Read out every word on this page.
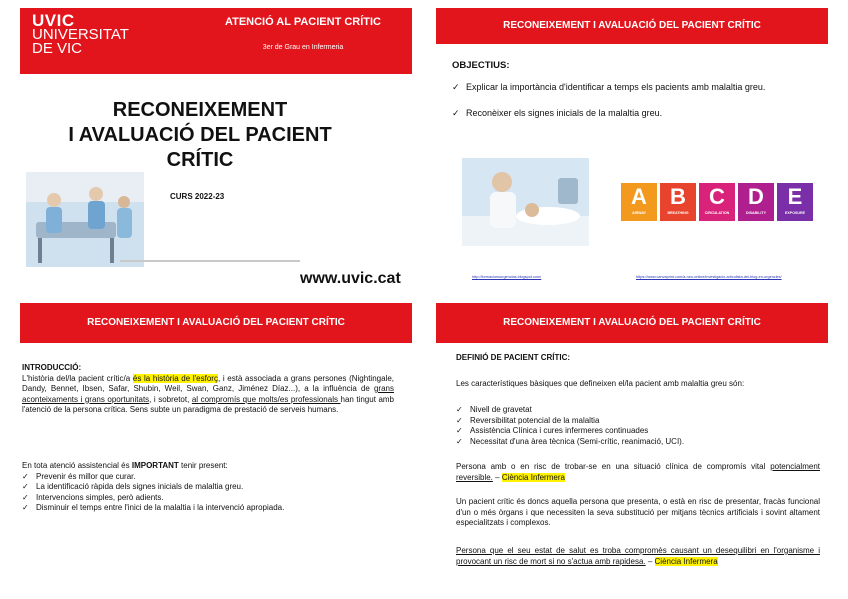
UVIC
UNIVERSITAT
DE VIC
ATENCIÓ AL PACIENT CRÍTIC
3er de Grau en Infermeria
RECONEIXEMENT
I AVALUACIÓ DEL PACIENT
CRÍTIC
CURS 2022-23
www.uvic.cat
RECONEIXEMENT I AVALUACIÓ DEL PACIENT CRÍTIC
OBJECTIUS:
✓ Explicar la importància d'identificar a temps els pacients amb malaltia greu.
✓ Reconèixer els signes inicials de la malaltia greu.
A
AIRWAY
B
BREATHING
C
CIRCULATION
D
DISABILITY
E
EXPOSURE
http://formacionsurgencias.blogspot.com/	https://www.canvaprint.com/a-neo-online/investigacio-articulista-del-blog-en-urgencies/
RECONEIXEMENT I AVALUACIÓ DEL PACIENT CRÍTIC
INTRODUCCIÓ:
L'història del/la pacient crític/a és la història de l'esforç, i està associada a grans persones (Nightingale, Dandy, Bennet, Ibsen, Safar, Shubin, Weil, Swan, Ganz, Jiménez Díaz...), a la influència de grans aconteixaments i grans oportunitats, i sobretot, al compromís que molts/es professionals han tingut amb l'atenció de la persona crítica. Sens subte un paradigma de prestació de serveis humans.
En tota atenció assistencial és IMPORTANT tenir present:
✓ Prevenir és millor que curar.
✓ La identificació ràpida dels signes inicials de malaltia greu.
✓ Intervencions simples, però adients.
✓ Disminuir el temps entre l'inici de la malaltia i la intervenció apropiada.
RECONEIXEMENT I AVALUACIÓ DEL PACIENT CRÍTIC
DEFINIÓ DE PACIENT CRÍTIC:
Les característiques bàsiques que defineixen el/la pacient amb malaltia greu són:
✓ Nivell de gravetat
✓ Reversibilitat potencial de la malaltia
✓ Assistència Clínica i cures infermeres continuades
✓ Necessitat d'una àrea tècnica (Semi-crític, reanimació, UCI).
Persona amb o en risc de trobar-se en una situació clínica de compromís vital potencialment reversible. – Ciència Infermera
Un pacient crític és doncs aquella persona que presenta, o està en risc de presentar, fracàs funcional d'un o més òrgans i que necessiten la seva substitució per mitjans tècnics artificials i sovint altament especialitzats i complexos.
Persona que el seu estat de salut es troba compromès causant un desequilibri en l'organisme i provocant un risc de mort si no s'actua amb rapidesa. – Ciència Infermera
